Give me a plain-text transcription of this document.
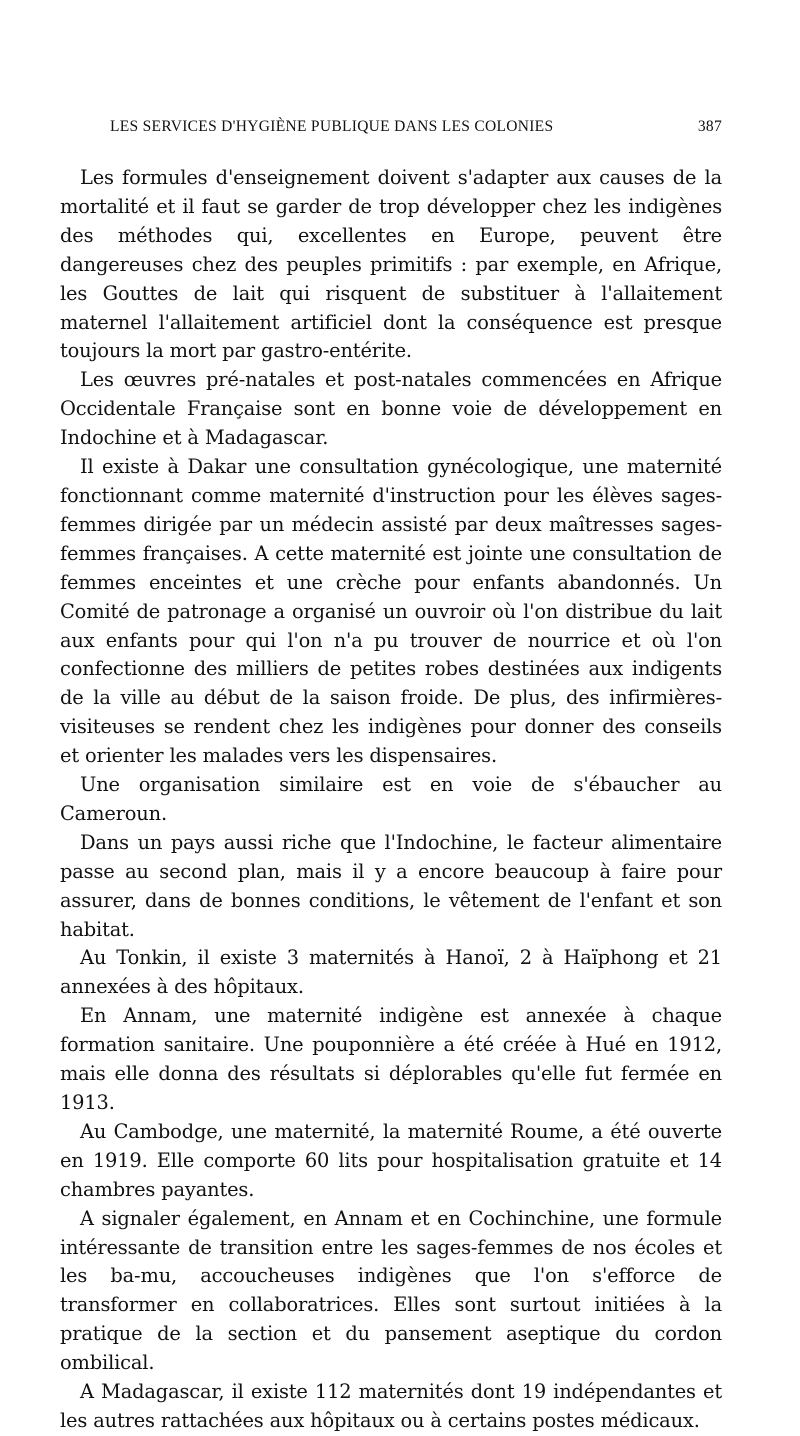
LES SERVICES D'HYGIÈNE PUBLIQUE DANS LES COLONIES	387

Les formules d'enseignement doivent s'adapter aux causes de la mortalité et il faut se garder de trop développer chez les indigènes des méthodes qui, excellentes en Europe, peuvent être dangereuses chez des peuples primitifs : par exemple, en Afrique, les Gouttes de lait qui risquent de substituer à l'allaitement maternel l'allaitement artificiel dont la conséquence est presque toujours la mort par gastro-entérite.

Les œuvres pré-natales et post-natales commencées en Afrique Occidentale Française sont en bonne voie de développement en Indochine et à Madagascar.

Il existe à Dakar une consultation gynécologique, une maternité fonctionnant comme maternité d'instruction pour les élèves sages-femmes dirigée par un médecin assisté par deux maîtresses sages-femmes françaises. A cette maternité est jointe une consultation de femmes enceintes et une crèche pour enfants abandonnés. Un Comité de patronage a organisé un ouvroir où l'on distribue du lait aux enfants pour qui l'on n'a pu trouver de nourrice et où l'on confectionne des milliers de petites robes destinées aux indigents de la ville au début de la saison froide. De plus, des infirmières-visiteuses se rendent chez les indigènes pour donner des conseils et orienter les malades vers les dispensaires.

Une organisation similaire est en voie de s'ébaucher au Cameroun.

Dans un pays aussi riche que l'Indochine, le facteur alimentaire passe au second plan, mais il y a encore beaucoup à faire pour assurer, dans de bonnes conditions, le vêtement de l'enfant et son habitat.

Au Tonkin, il existe 3 maternités à Hanoï, 2 à Haïphong et 21 annexées à des hôpitaux.

En Annam, une maternité indigène est annexée à chaque formation sanitaire. Une pouponnière a été créée à Hué en 1912, mais elle donna des résultats si déplorables qu'elle fut fermée en 1913.

Au Cambodge, une maternité, la maternité Roume, a été ouverte en 1919. Elle comporte 60 lits pour hospitalisation gratuite et 14 chambres payantes.

A signaler également, en Annam et en Cochinchine, une formule intéressante de transition entre les sages-femmes de nos écoles et les ba-mu, accoucheuses indigènes que l'on s'efforce de transformer en collaboratrices. Elles sont surtout initiées à la pratique de la section et du pansement aseptique du cordon ombilical.

A Madagascar, il existe 112 maternités dont 19 indépendantes et les autres rattachées aux hôpitaux ou à certains postes médicaux.
